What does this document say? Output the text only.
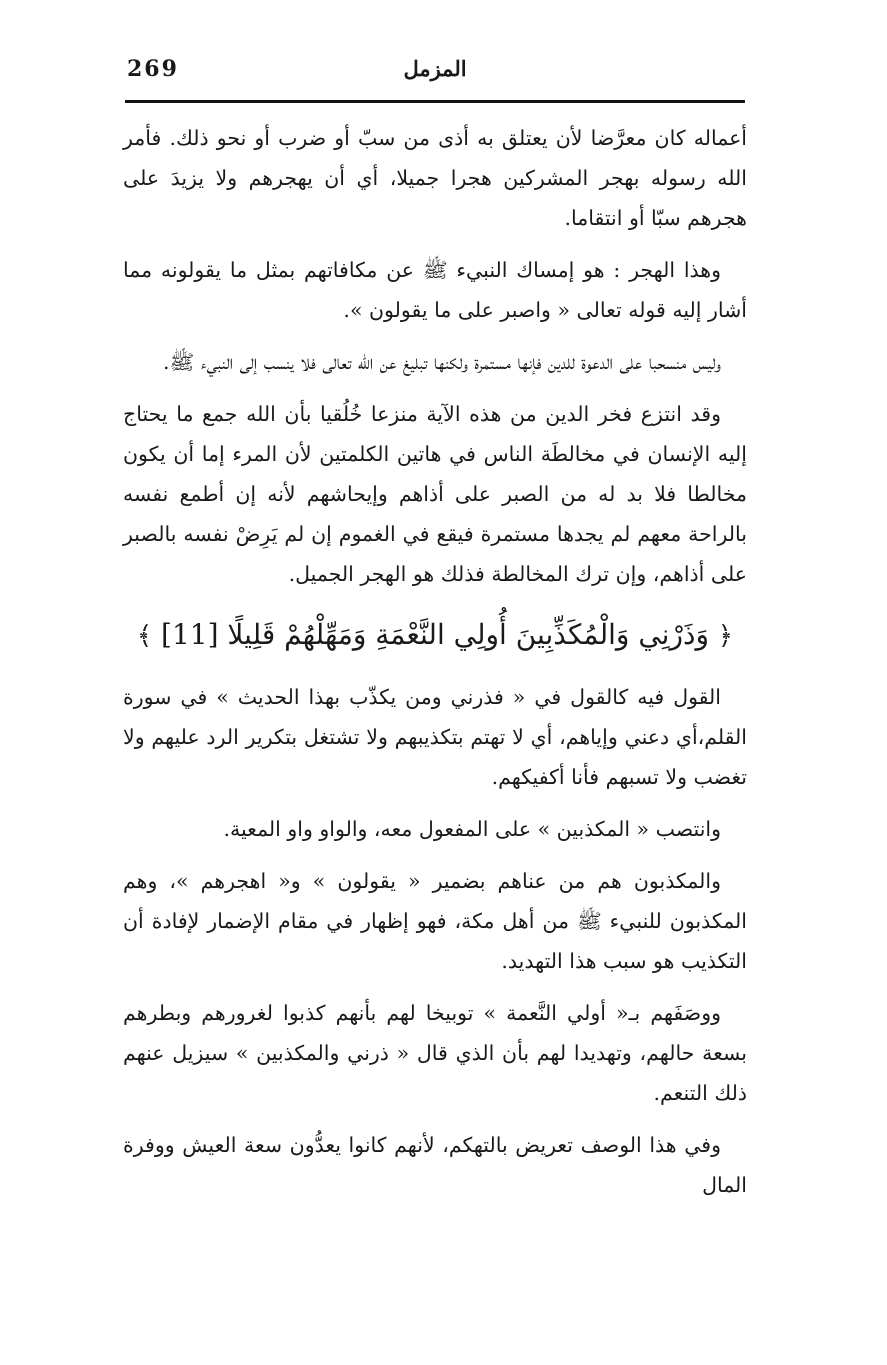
269	المزمل

أعماله كان معرَّضا لأن يعتلق به أذى من سبّ أو ضرب أو نحو ذلك. فأمر الله رسوله بهجر المشركين هجرا جميلا، أي أن يهجرهم ولا يزيدَ على هجرهم سبّا أو انتقاما.

وهذا الهجر : هو إمساك النبيء ﷺ عن مكافاتهم بمثل ما يقولونه مما أشار إليه قوله تعالى « واصبر على ما يقولون ».

وليس منسحبا على الدعوة للدين فإنها مستمرة ولكنها تبليغ عن الله تعالى فلا ينسب إلى النبيء ﷺ.

وقد انتزع فخر الدين من هذه الآية منزعا خُلُقيا بأن الله جمع ما يحتاج إليه الإنسان في مخالطَة الناس في هاتين الكلمتين لأن المرء إما أن يكون مخالطا فلا بد له من الصبر على أذاهم وإيحاشهم لأنه إن أطمع نفسه بالراحة معهم لم يجدها مستمرة فيقع في الغموم إن لم يَرِضْ نفسه بالصبر على أذاهم، وإن ترك المخالطة فذلك هو الهجر الجميل.

﴿ وَذَرْنِي وَالْمُكَذِّبِينَ أُولِي النَّعْمَةِ وَمَهِّلْهُمْ قَلِيلًا [11] ﴾

القول فيه كالقول في « فذرني ومن يكذّب بهذا الحديث » في سورة القلم،أي دعني وإياهم، أي لا تهتم بتكذيبهم ولا تشتغل بتكرير الرد عليهم ولا تغضب ولا تسبهم فأنا أكفيكهم.

وانتصب « المكذبين » على المفعول معه، والواو واو المعية.

والمكذبون هم من عناهم بضمير « يقولون » و« اهجرهم »، وهم المكذبون للنبيء ﷺ من أهل مكة، فهو إظهار في مقام الإضمار لإفادة أن التكذيب هو سبب هذا التهديد.

ووصَفَهم بـ« أولي النَّعمة » توبيخا لهم بأنهم كذبوا لغرورهم وبطرهم بسعة حالهم، وتهديدا لهم بأن الذي قال « ذرني والمكذبين » سيزيل عنهم ذلك التنعم.

وفي هذا الوصف تعريض بالتهكم، لأنهم كانوا يعدُّون سعة العيش ووفرة المال
